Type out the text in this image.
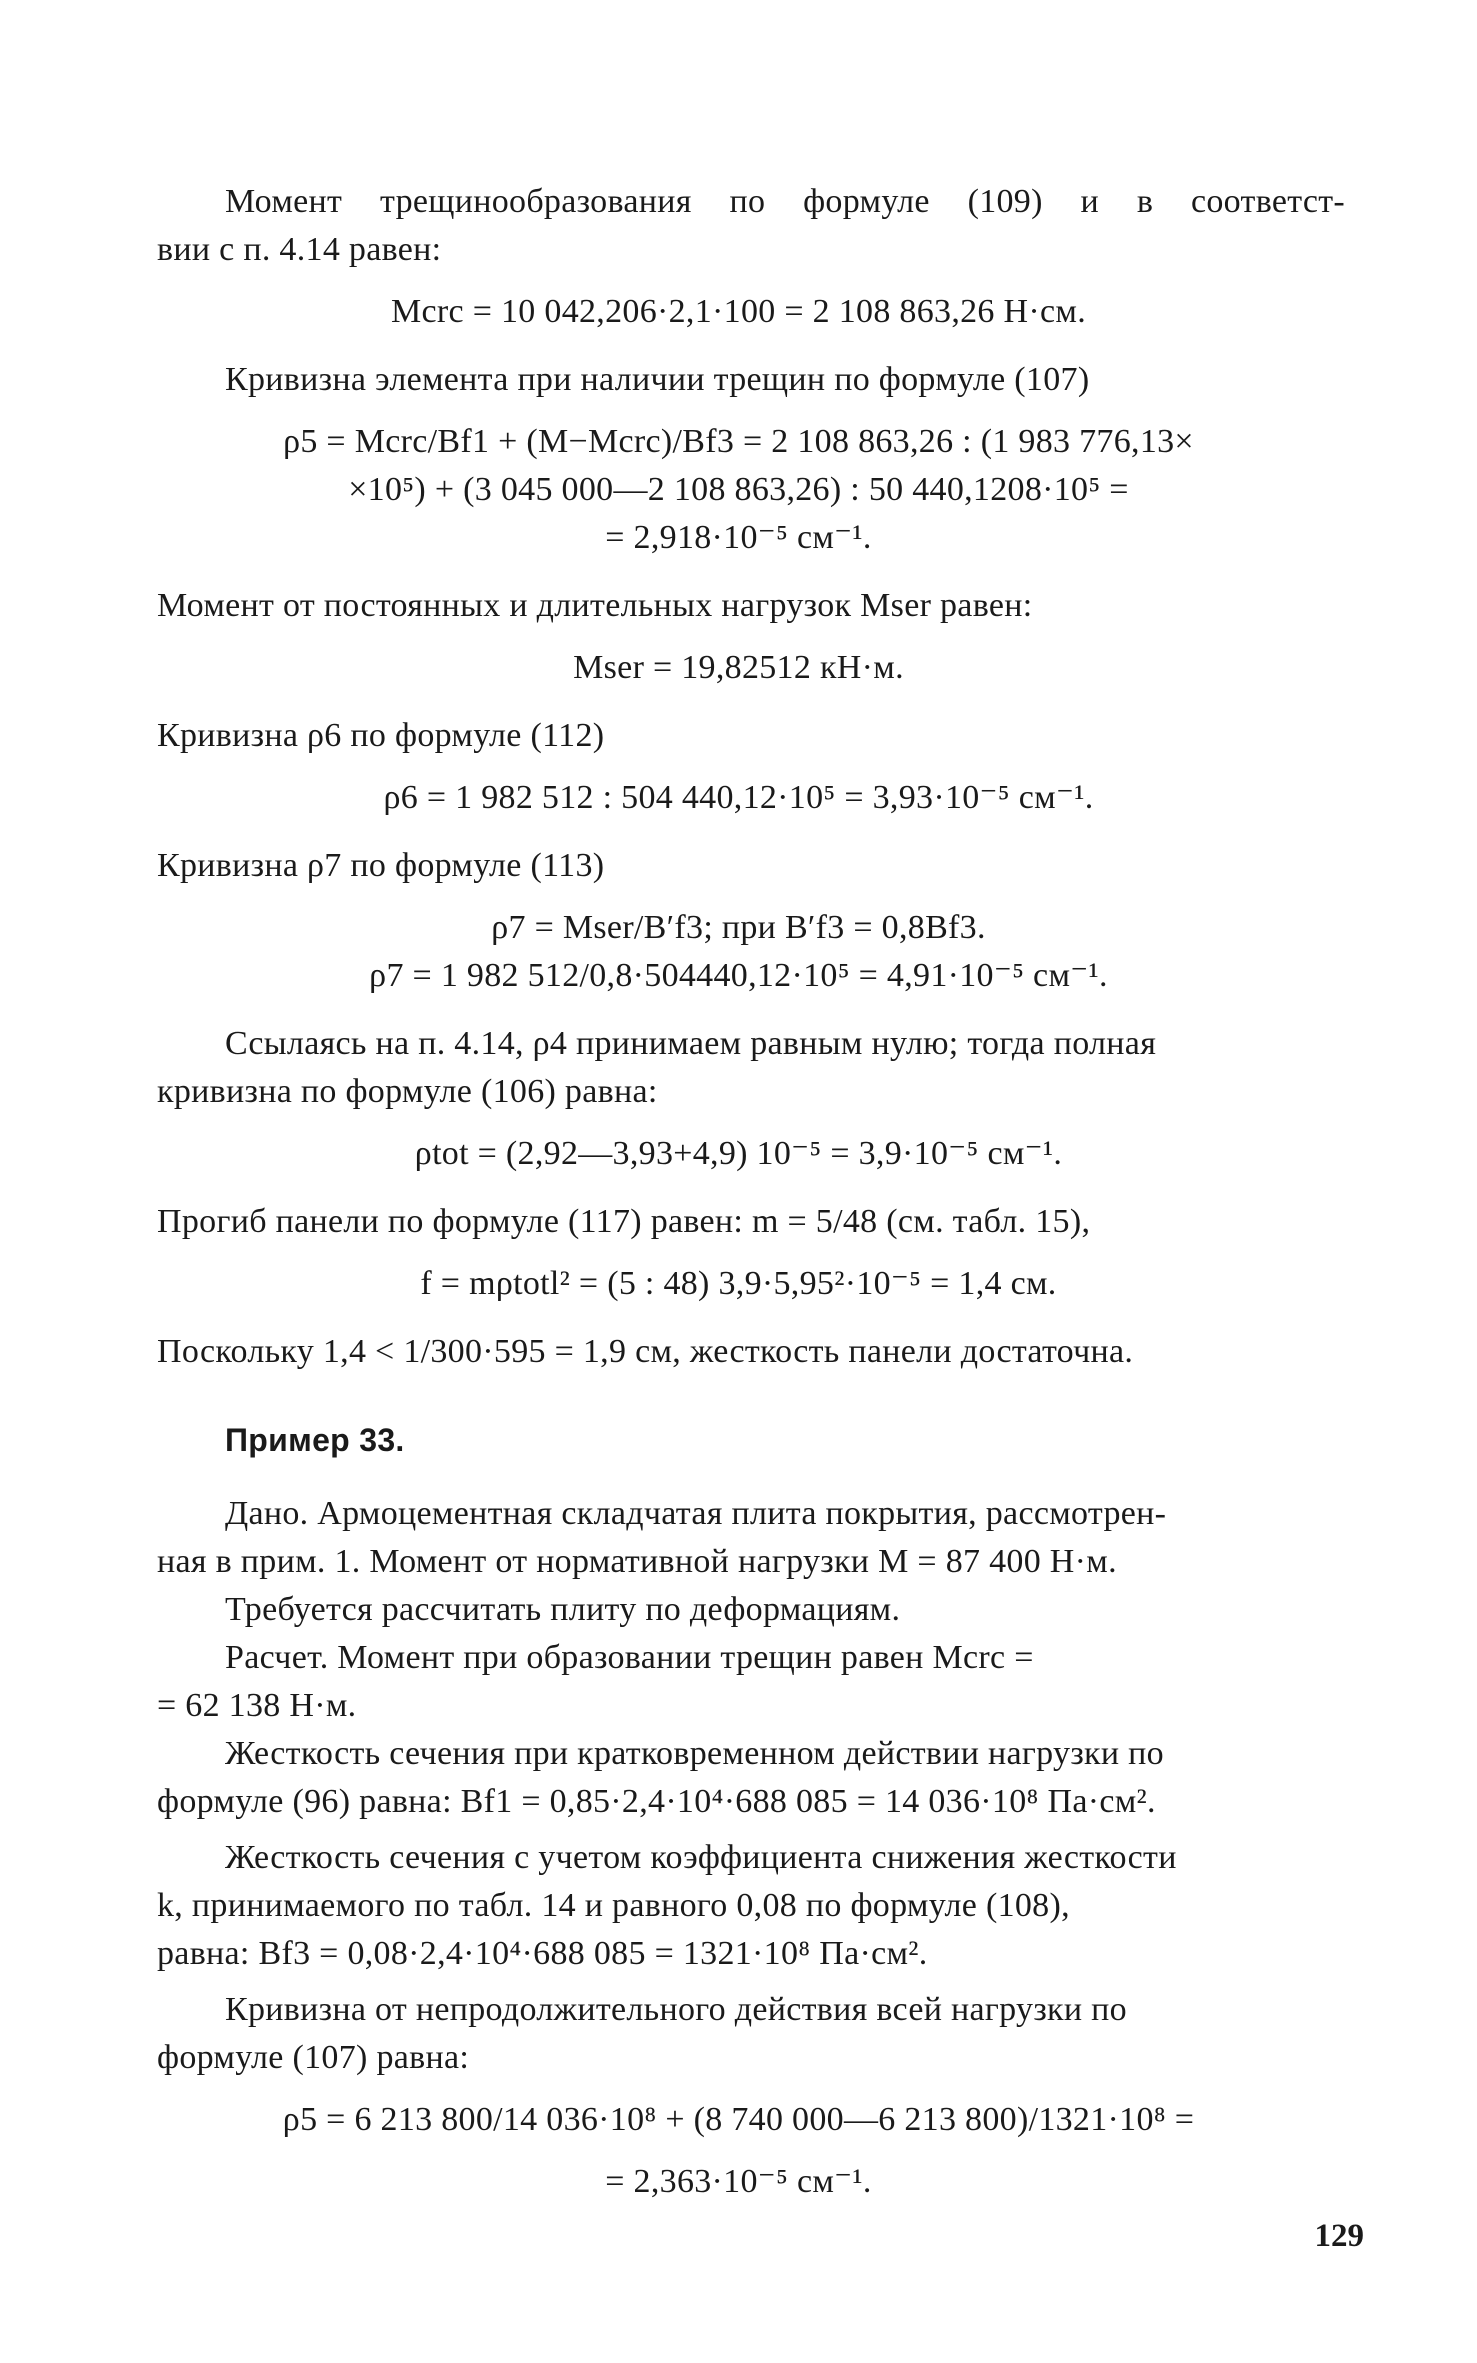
Момент трещинообразования по формуле (109) и в соответст-
вии с п. 4.14 равен:
Mcrc = 10 042,206·2,1·100 = 2 108 863,26 Н·см.
Кривизна элемента при наличии трещин по формуле (107)
ρ5 = Mcrc/Bf1 + (M−Mcrc)/Bf3 = 2 108 863,26 : (1 983 776,13×
×10⁵) + (3 045 000—2 108 863,26) : 50 440,1208·10⁵ =
= 2,918·10⁻⁵ см⁻¹.
Момент от постоянных и длительных нагрузок Mser равен:
Mser = 19,82512 кН·м.
Кривизна ρ6 по формуле (112)
ρ6 = 1 982 512 : 504 440,12·10⁵ = 3,93·10⁻⁵ см⁻¹.
Кривизна ρ7 по формуле (113)
ρ7 = Mser/B′f3; при B′f3 = 0,8Bf3.
ρ7 = 1 982 512/0,8·504440,12·10⁵ = 4,91·10⁻⁵ см⁻¹.
Ссылаясь на п. 4.14, ρ4 принимаем равным нулю; тогда полная
кривизна по формуле (106) равна:
ρtot = (2,92—3,93+4,9) 10⁻⁵ = 3,9·10⁻⁵ см⁻¹.
Прогиб панели по формуле (117) равен: m = 5/48 (см. табл. 15),
f = mρtotl² = (5 : 48) 3,9·5,95²·10⁻⁵ = 1,4 см.
Поскольку 1,4 < 1/300·595 = 1,9 см, жесткость панели достаточна.
Пример 33.
Дано. Армоцементная складчатая плита покрытия, рассмотрен-
ная в прим. 1. Момент от нормативной нагрузки M = 87 400 Н·м.
Требуется рассчитать плиту по деформациям.
Расчет. Момент при образовании трещин равен Mcrc =
= 62 138 Н·м.
Жесткость сечения при кратковременном действии нагрузки по
формуле (96) равна: Bf1 = 0,85·2,4·10⁴·688 085 = 14 036·10⁸ Па·см².
Жесткость сечения с учетом коэффициента снижения жесткости
k, принимаемого по табл. 14 и равного 0,08 по формуле (108),
равна: Bf3 = 0,08·2,4·10⁴·688 085 = 1321·10⁸ Па·см².
Кривизна от непродолжительного действия всей нагрузки по
формуле (107) равна:
ρ5 = 6 213 800/14 036·10⁸ + (8 740 000—6 213 800)/1321·10⁸ =
= 2,363·10⁻⁵ см⁻¹.
129
